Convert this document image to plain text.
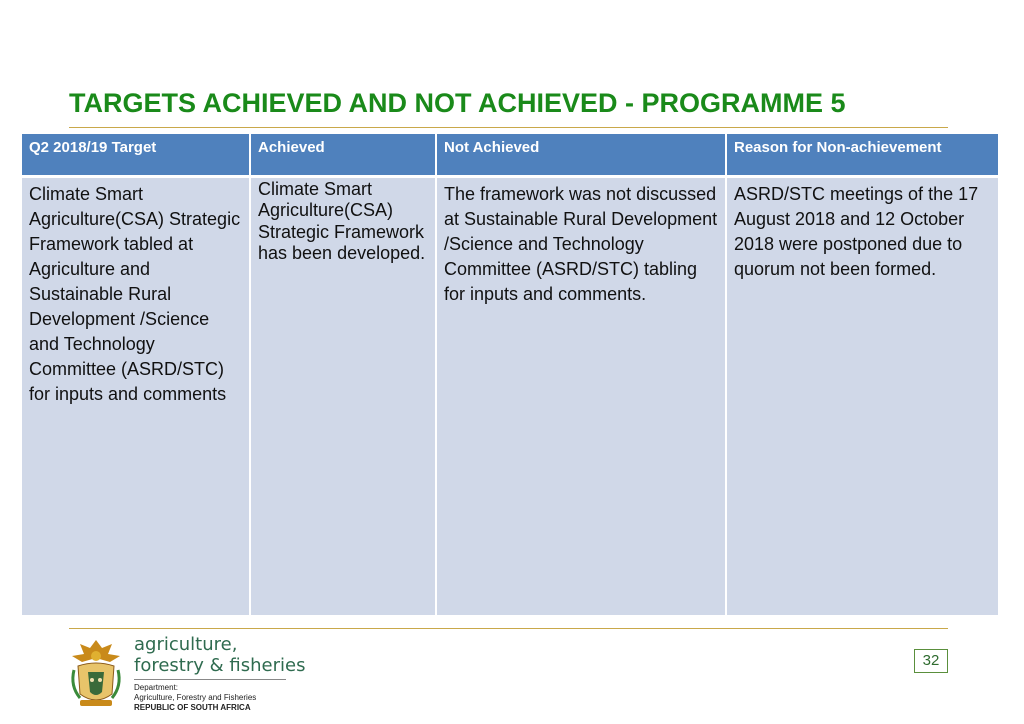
TARGETS ACHIEVED AND NOT ACHIEVED - PROGRAMME 5
Q2 2018/19 Target	Achieved	Not Achieved	Reason for Non-achievement
Climate Smart Agriculture(CSA) Strategic Framework tabled at Agriculture and Sustainable Rural Development /Science and Technology Committee (ASRD/STC) for inputs and comments	Climate Smart Agriculture(CSA) Strategic Framework has been developed.	The framework was not discussed at Sustainable Rural Development /Science and Technology Committee (ASRD/STC) tabling for inputs and comments.	ASRD/STC meetings of the 17 August 2018 and 12 October 2018 were postponed due to quorum not been formed.
agriculture,
forestry & fisheries
Department:
Agriculture, Forestry and Fisheries
REPUBLIC OF SOUTH AFRICA
32
